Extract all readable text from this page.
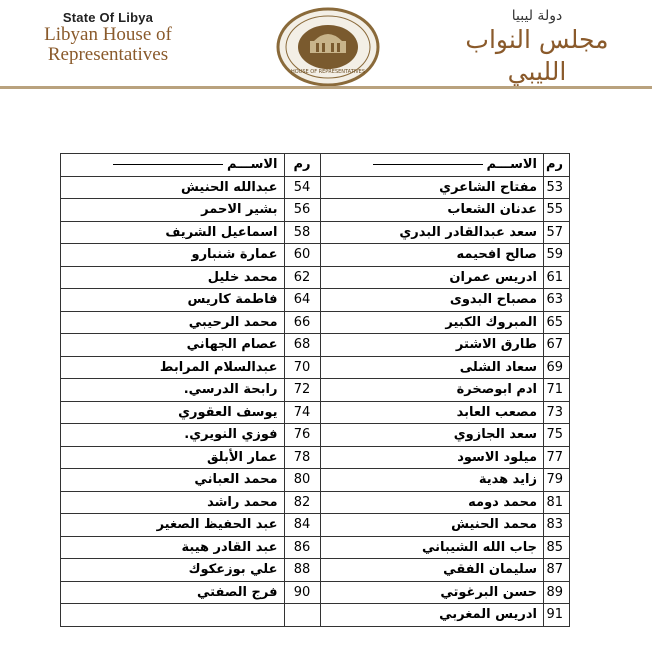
State Of Libya
Libyan House of
Representatives
HOUSE OF REPRESENTATIVES
دولة ليبيا
مجلس النواب الليبي
رم	الاســـم	رم	الاســـم
53	مفتاح الشاعري	54	عبدالله الحنيش
55	عدنان الشعاب	56	بشير الاحمر
57	سعد عبدالقادر البدري	58	اسماعيل الشريف
59	صالح افحيمه	60	عمارة شنبارو
61	ادريس عمران	62	محمد خليل
63	مصباح البدوى	64	فاطمة كاريس
65	المبروك الكبير	66	محمد الرحيبي
67	طارق الاشتر	68	عصام الجهاني
69	سعاد الشلى	70	عبدالسلام المرابط
71	ادم ابوصخرة	72	رابحة الدرسي.
73	مصعب العابد	74	يوسف العقوري
75	سعد الجازوي	76	فوزي النويري.
77	ميلود الاسود	78	عمار الأبلق
79	زايد هدية	80	محمد العباني
81	محمد دومه	82	محمد راشد
83	محمد الحنيش	84	عبد الحفيظ الصغير
85	جاب الله الشيباني	86	عبد القادر هيبة
87	سليمان الفقي	88	علي بوزعكوك
89	حسن البرغوتي	90	فرج الصفتي
91	ادريس المغربي		
